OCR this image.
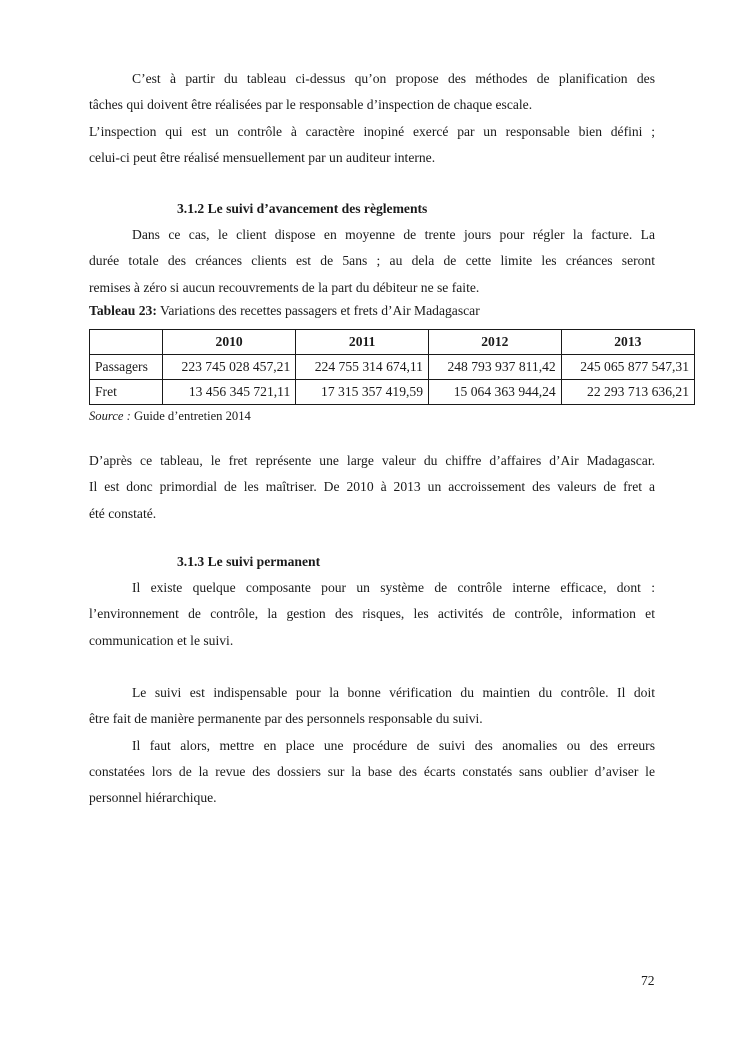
C’est à partir du tableau ci-dessus qu’on propose des méthodes de planification des
tâches qui doivent être réalisées par le responsable d’inspection de chaque escale.
L’inspection qui est un contrôle à caractère inopiné exercé par un responsable bien défini ;
celui-ci peut être réalisé mensuellement par un auditeur interne.
3.1.2 Le suivi d’avancement des règlements
Dans ce cas, le client dispose en moyenne de trente jours pour régler la facture. La
durée totale des créances clients est de 5ans ; au dela de cette limite les créances seront
remises à zéro si aucun recouvrements de la part du débiteur ne se faite.
Tableau 23: Variations des recettes passagers et frets d’Air Madagascar
	2010	2011	2012	2013
Passagers	223 745 028 457,21	224 755 314 674,11	248 793 937 811,42	245 065 877 547,31
Fret	13 456 345 721,11	17 315 357 419,59	15 064 363 944,24	22 293 713 636,21
Source : Guide d’entretien 2014
D’après ce tableau, le fret représente une large valeur du chiffre d’affaires d’Air Madagascar.
Il est donc primordial de les maîtriser. De 2010 à 2013 un accroissement des valeurs de fret a
été constaté.
3.1.3 Le suivi permanent
Il existe quelque composante pour un système de contrôle interne efficace, dont :
l’environnement de contrôle, la gestion des risques, les activités de contrôle, information et
communication et le suivi.
Le suivi est indispensable pour la bonne vérification du maintien du contrôle. Il doit
être fait de manière permanente par des personnels responsable du suivi.
Il faut alors, mettre en place une procédure de suivi des anomalies ou des erreurs
constatées lors de la revue des dossiers sur la base des écarts constatés sans oublier d’aviser le
personnel hiérarchique.
72
